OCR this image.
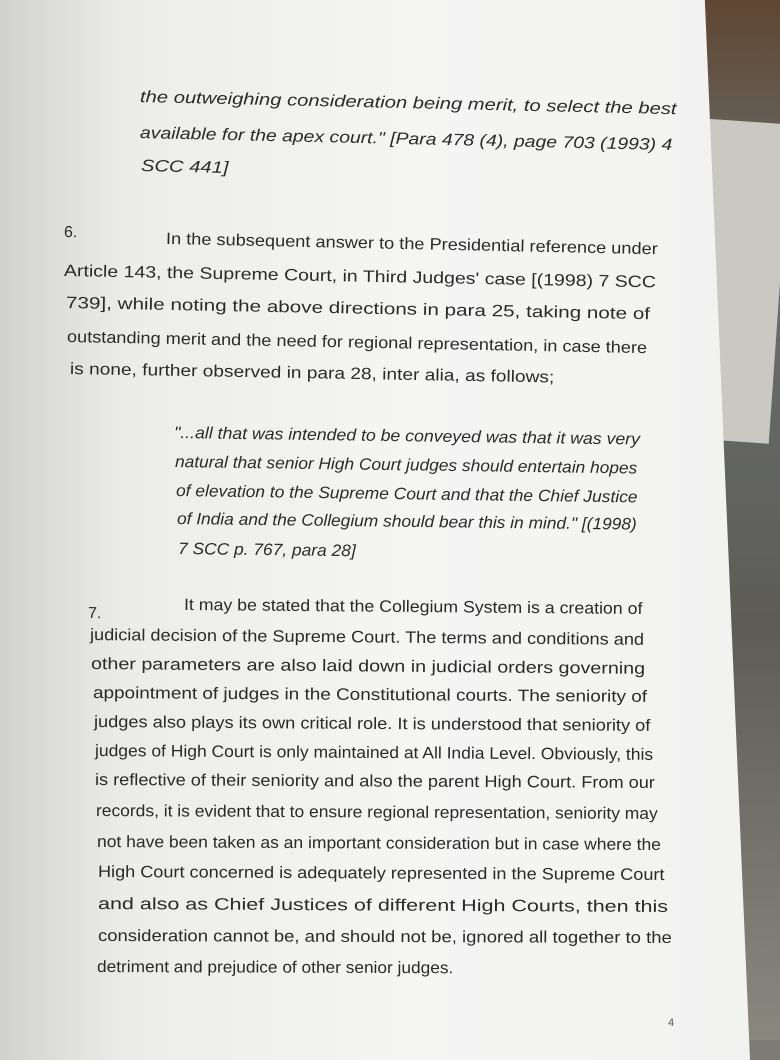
the outweighing consideration being merit, to select the best
available for the apex court." [Para 478 (4), page 703 (1993) 4
SCC 441]
6.	In the subsequent answer to the Presidential reference under
Article 143, the Supreme Court, in Third Judges' case [(1998) 7 SCC
739], while noting the above directions in para 25, taking note of
outstanding merit and the need for regional representation, in case there
is none, further observed in para 28, inter alia, as follows;
"...all that was intended to be conveyed was that it was very
natural that senior High Court judges should entertain hopes
of elevation to the Supreme Court and that the Chief Justice
of India and the Collegium should bear this in mind." [(1998)
7 SCC p. 767, para 28]
7.	It may be stated that the Collegium System is a creation of
judicial decision of the Supreme Court. The terms and conditions and
other parameters are also laid down in judicial orders governing
appointment of judges in the Constitutional courts. The seniority of
judges also plays its own critical role. It is understood that seniority of
judges of High Court is only maintained at All India Level. Obviously, this
is reflective of their seniority and also the parent High Court. From our
records, it is evident that to ensure regional representation, seniority may
not have been taken as an important consideration but in case where the
High Court concerned is adequately represented in the Supreme Court
and also as Chief Justices of different High Courts, then this
consideration cannot be, and should not be, ignored all together to the
detriment and prejudice of other senior judges.
4
